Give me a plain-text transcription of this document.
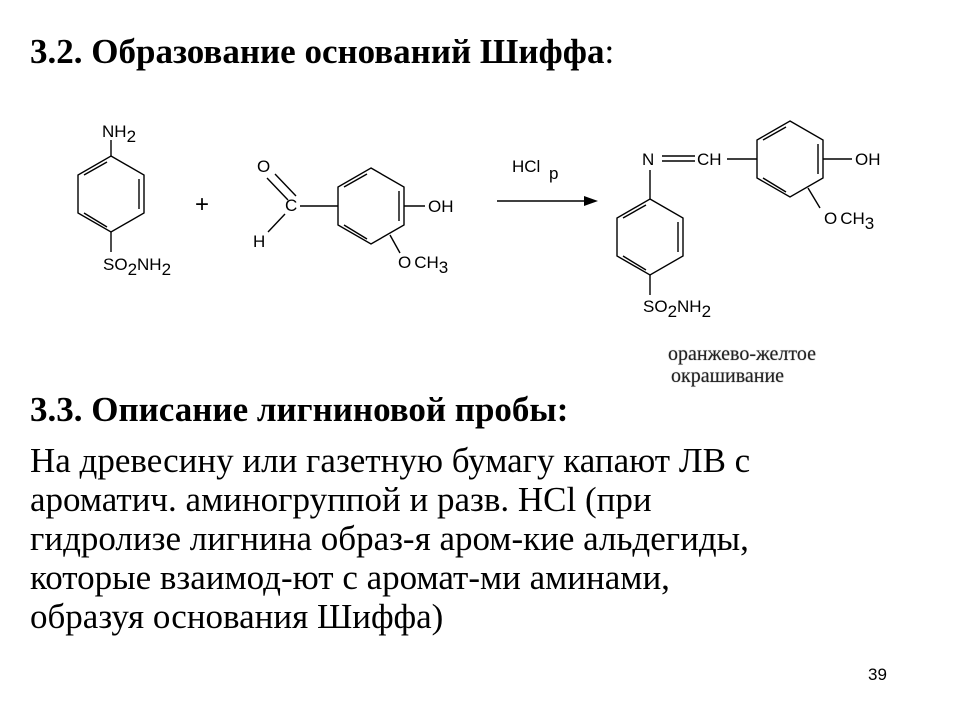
3.2. Образование оснований Шиффа:
NH2
SO2NH2
+
O
C
H
OH
O CH3
HCl р
N	CH	OH
O CH3
SO2NH2
оранжево-желтое
окрашивание
3.3. Описание лигниновой пробы:

На древесину или газетную бумагу капают ЛВ с
ароматич. аминогруппой и разв. HCl (при
гидролизе лигнина образ-я аром-кие альдегиды,
которые взаимод-ют с аромат-ми аминами,
образуя основания Шиффа)

39
